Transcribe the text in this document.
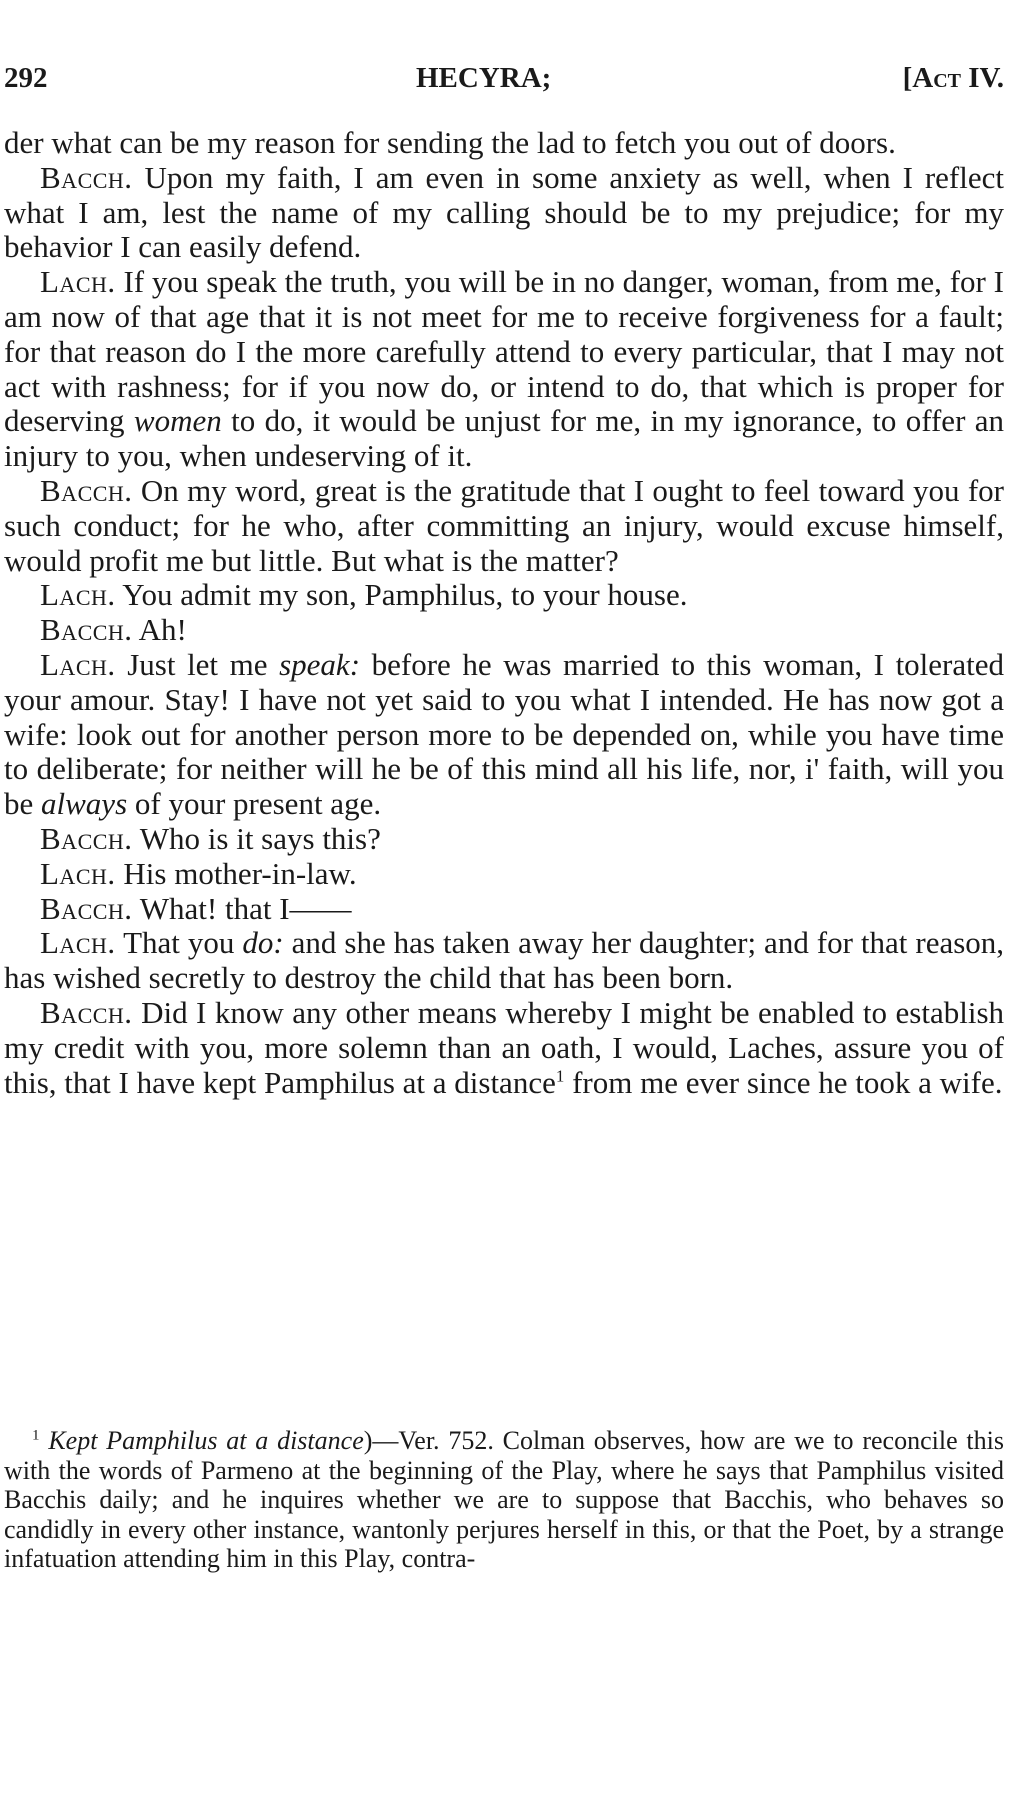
292	HECYRA;	[Act IV.

der what can be my reason for sending the lad to fetch you out of doors.

Bacch. Upon my faith, I am even in some anxiety as well, when I reflect what I am, lest the name of my calling should be to my prejudice; for my behavior I can easily defend.

Lach. If you speak the truth, you will be in no danger, woman, from me, for I am now of that age that it is not meet for me to receive forgiveness for a fault; for that reason do I the more carefully attend to every particular, that I may not act with rashness; for if you now do, or intend to do, that which is proper for deserving women to do, it would be unjust for me, in my ignorance, to offer an injury to you, when undeserving of it.

Bacch. On my word, great is the gratitude that I ought to feel toward you for such conduct; for he who, after committing an injury, would excuse himself, would profit me but little. But what is the matter?

Lach. You admit my son, Pamphilus, to your house.

Bacch. Ah!

Lach. Just let me speak: before he was married to this woman, I tolerated your amour. Stay! I have not yet said to you what I intended. He has now got a wife: look out for another person more to be depended on, while you have time to deliberate; for neither will he be of this mind all his life, nor, i' faith, will you be always of your present age.

Bacch. Who is it says this?

Lach. His mother-in-law.

Bacch. What! that I——

Lach. That you do: and she has taken away her daughter; and for that reason, has wished secretly to destroy the child that has been born.

Bacch. Did I know any other means whereby I might be enabled to establish my credit with you, more solemn than an oath, I would, Laches, assure you of this, that I have kept Pamphilus at a distance$^1$ from me ever since he took a wife.

$^1$ Kept Pamphilus at a distance)—Ver. 752. Colman observes, how are we to reconcile this with the words of Parmeno at the beginning of the Play, where he says that Pamphilus visited Bacchis daily; and he inquires whether we are to suppose that Bacchis, who behaves so candidly in every other instance, wantonly perjures herself in this, or that the Poet, by a strange infatuation attending him in this Play, contra-
